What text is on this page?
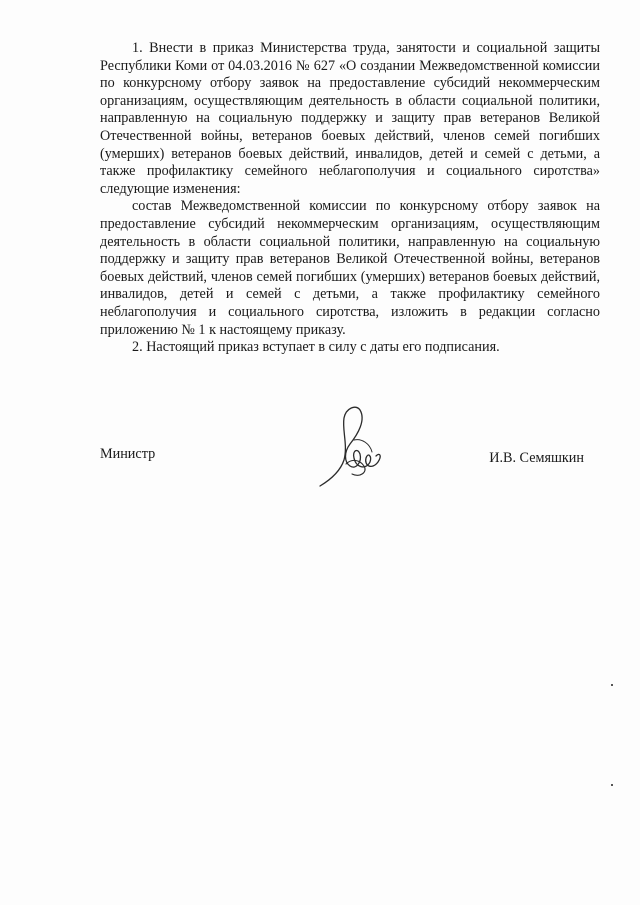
1. Внести в приказ Министерства труда, занятости и социальной защиты Республики Коми от 04.03.2016 № 627 «О создании Межведомственной комиссии по конкурсному отбору заявок на предоставление субсидий некоммерческим организациям, осуществляющим деятельность в области социальной политики, направленную на социальную поддержку и защиту прав ветеранов Великой Отечественной войны, ветеранов боевых действий, членов семей погибших (умерших) ветеранов боевых действий, инвалидов, детей и семей с детьми, а также профилактику семейного неблагополучия и социального сиротства» следующие изменения:

состав Межведомственной комиссии по конкурсному отбору заявок на предоставление субсидий некоммерческим организациям, осуществляющим деятельность в области социальной политики, направленную на социальную поддержку и защиту прав ветеранов Великой Отечественной войны, ветеранов боевых действий, членов семей погибших (умерших) ветеранов боевых действий, инвалидов, детей и семей с детьми, а также профилактику семейного неблагополучия и социального сиротства, изложить в редакции согласно приложению № 1 к настоящему приказу.

2. Настоящий приказ вступает в силу с даты его подписания.

Министр	И.В. Семяшкин
